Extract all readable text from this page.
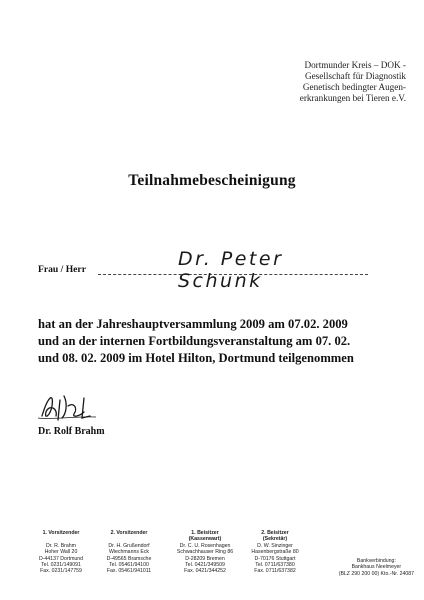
Dortmunder Kreis – DOK -
Gesellschaft für Diagnostik
Genetisch bedingter Augen-
erkrankungen bei Tieren e.V.
Teilnahmebescheinigung
Frau / Herr	Dr. Peter Schunk
hat an der Jahreshauptversammlung 2009 am 07.02. 2009
und an der internen Fortbildungsveranstaltung am 07. 02.
und 08. 02. 2009 im Hotel Hilton, Dortmund teilgenommen
Dr. Rolf Brahm
1. Vorsitzender
Dr. R. Brahm
Hoher Wall 20
D-44137 Dortmund
Tel. 0231/149091
Fax. 0231/147759
2. Vorsitzender
Dr. H. Grußendorf
Wiechmanns Eck
D-49565 Bramsche
Tel. 05461/94100
Fax. 05461/941011
1. Beisitzer
(Kassenwart)
Dr. C. U. Rosenhagen
Schwachhauser Ring 86
D-28209 Bremen
Tel. 0421/349509
Fax. 0421/344252
2. Beisitzer
(Sekretär)
D. W. Sinzinger
Hasenbergstraße 80
D-70176 Stuttgart
Tel. 0711/637380
Fax. 0711/637382
Bankverbindung:
Bankhaus Neelmeyer
(BLZ 290 200 00) Kto.-Nr. 24087
